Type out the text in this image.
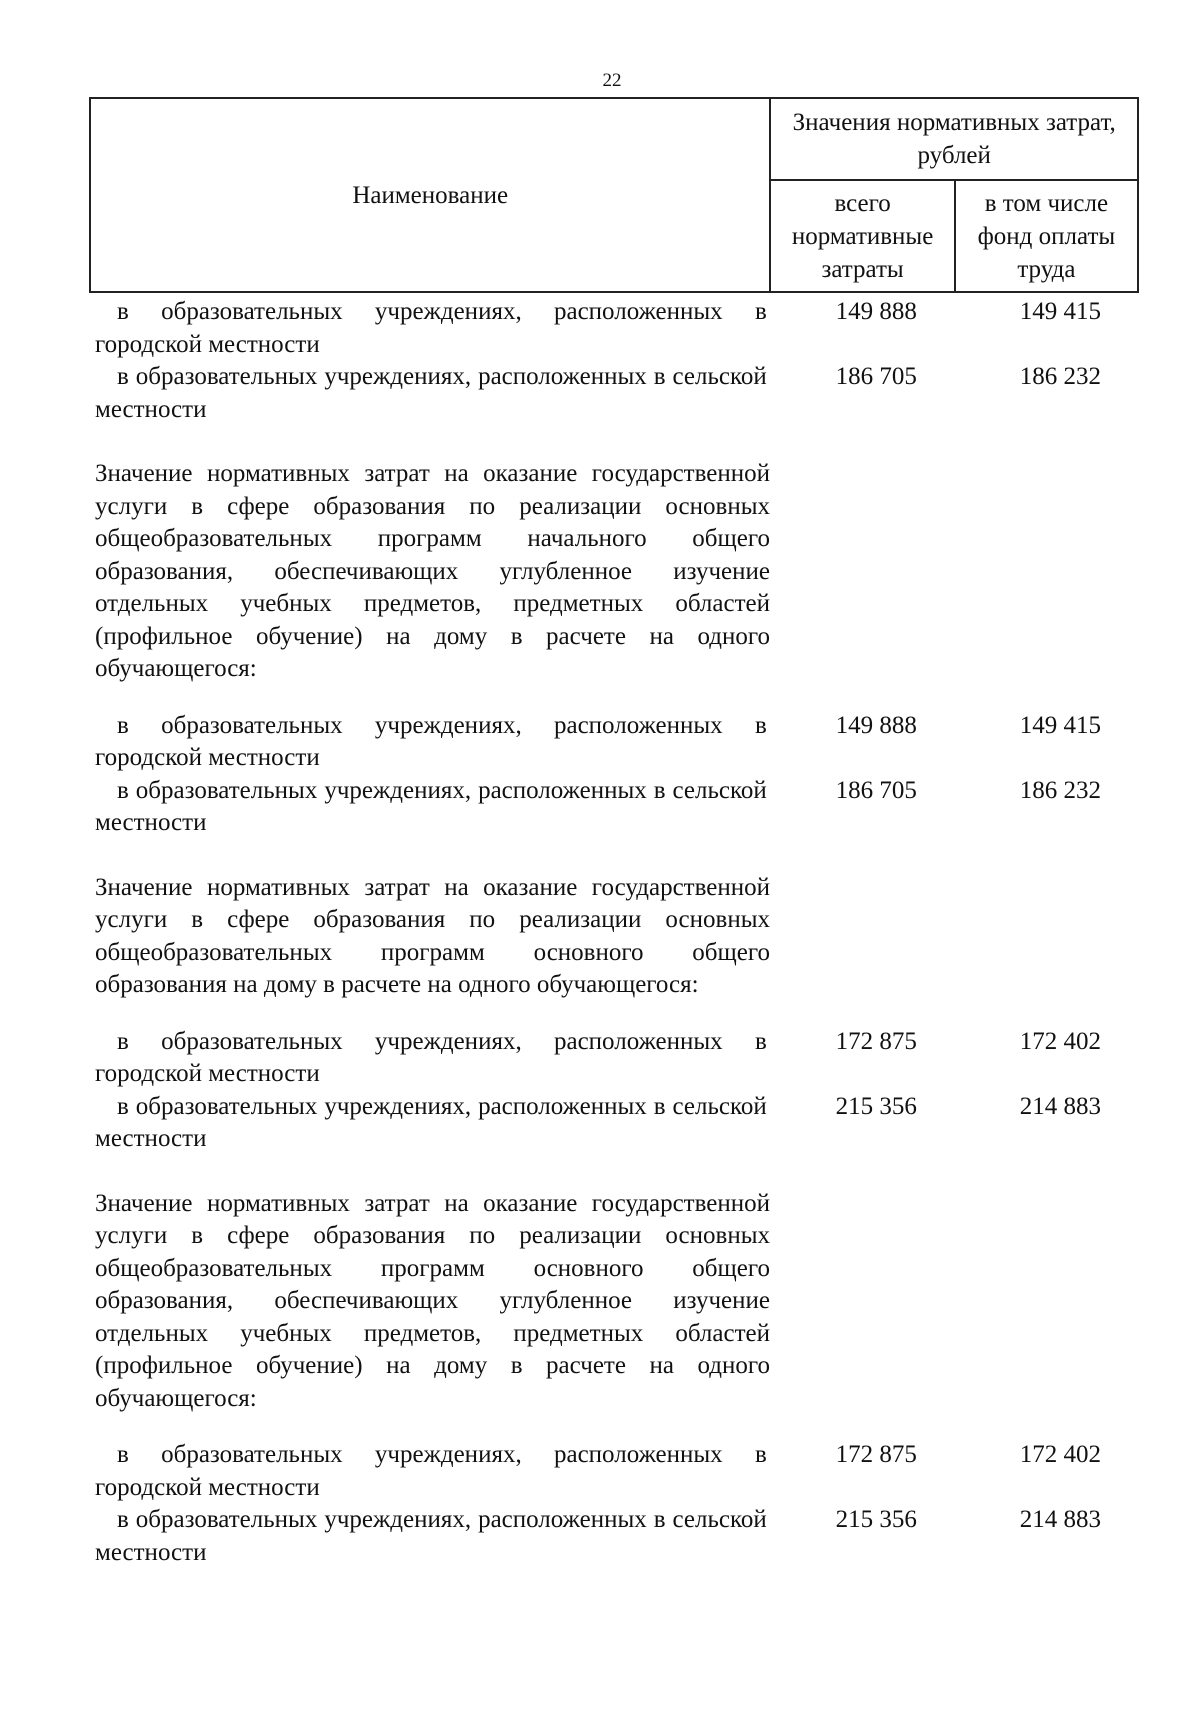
22
Наименование	Значения нормативных затрат, рублей	
	всего нормативные затраты	в том числе фонд оплаты труда
в образовательных учреждениях, расположенных в городской местности
149 888	149 415
в образовательных учреждениях, расположенных в сельской местности
186 705	186 232
Значение нормативных затрат на оказание государственной услуги в сфере образования по реализации основных общеобразовательных программ начального общего образования, обеспечивающих углубленное изучение отдельных учебных предметов, предметных областей (профильное обучение) на дому в расчете на одного обучающегося:
в образовательных учреждениях, расположенных в городской местности
149 888	149 415
в образовательных учреждениях, расположенных в сельской местности
186 705	186 232
Значение нормативных затрат на оказание государственной услуги в сфере образования по реализации основных общеобразовательных программ основного общего образования на дому в расчете на одного обучающегося:
в образовательных учреждениях, расположенных в городской местности
172 875	172 402
в образовательных учреждениях, расположенных в сельской местности
215 356	214 883
Значение нормативных затрат на оказание государственной услуги в сфере образования по реализации основных общеобразовательных программ основного общего образования, обеспечивающих углубленное изучение отдельных учебных предметов, предметных областей (профильное обучение) на дому в расчете на одного обучающегося:
в образовательных учреждениях, расположенных в городской местности
172 875	172 402
в образовательных учреждениях, расположенных в сельской местности
215 356	214 883
